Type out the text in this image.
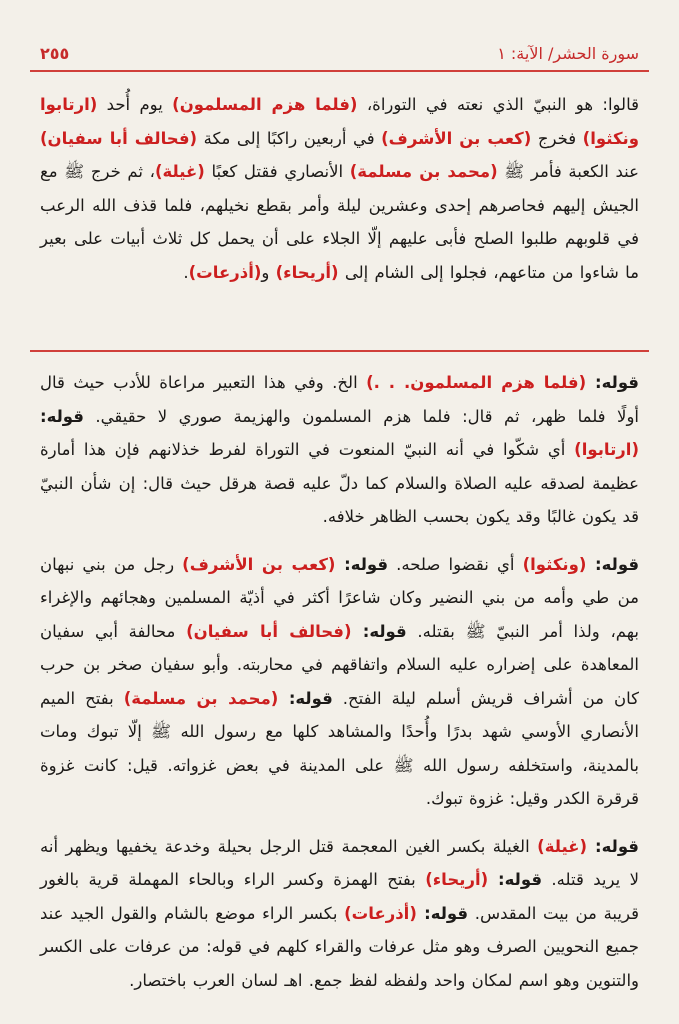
سورة الحشر/ الآية: ١
٢٥٥

قالوا: هو النبيّ الذي نعته في التوراة، (فلما هزم المسلمون) يوم أُحد (ارتابوا ونكثوا) فخرج (كعب بن الأشرف) في أربعين راكبًا إلى مكة (فحالف أبا سفيان) عند الكعبة فأمر ﷺ (محمد بن مسلمة) الأنصاري فقتل كعبًا (غيلة)، ثم خرج ﷺ مع الجيش إليهم فحاصرهم إحدى وعشرين ليلة وأمر بقطع نخيلهم، فلما قذف الله الرعب في قلوبهم طلبوا الصلح فأبى عليهم إلّا الجلاء على أن يحمل كل ثلاث أبيات على بعير ما شاءوا من متاعهم، فجلوا إلى الشام إلى (أريحاء) و(أذرعات).

قوله: (فلما هزم المسلمون. . .) الخ. وفي هذا التعبير مراعاة للأدب حيث قال أولًا فلما ظهر، ثم قال: فلما هزم المسلمون والهزيمة صوري لا حقيقي. قوله: (ارتابوا) أي شكّوا في أنه النبيّ المنعوت في التوراة لفرط خذلانهم فإن هذا أمارة عظيمة لصدقه عليه الصلاة والسلام كما دلّ عليه قصة هرقل حيث قال: إن شأن النبيّ قد يكون غالبًا وقد يكون بحسب الظاهر خلافه.

قوله: (ونكثوا) أي نقضوا صلحه. قوله: (كعب بن الأشرف) رجل من بني نبهان من طي وأمه من بني النضير وكان شاعرًا أكثر في أذيّة المسلمين وهجائهم والإغراء بهم، ولذا أمر النبيّ ﷺ بقتله. قوله: (فحالف أبا سفيان) محالفة أبي سفيان المعاهدة على إضراره عليه السلام واتفاقهم في محاربته. وأبو سفيان صخر بن حرب كان من أشراف قريش أسلم ليلة الفتح. قوله: (محمد بن مسلمة) بفتح الميم الأنصاري الأوسي شهد بدرًا وأُحدًا والمشاهد كلها مع رسول الله ﷺ إلّا تبوك ومات بالمدينة، واستخلفه رسول الله ﷺ على المدينة في بعض غزواته. قيل: كانت غزوة قرقرة الكدر وقيل: غزوة تبوك.

قوله: (غيلة) الغيلة بكسر الغين المعجمة قتل الرجل بحيلة وخدعة يخفيها ويظهر أنه لا يريد قتله. قوله: (أريحاء) بفتح الهمزة وكسر الراء وبالحاء المهملة قرية بالغور قريبة من بيت المقدس. قوله: (أذرعات) بكسر الراء موضع بالشام والقول الجيد عند جميع النحويين الصرف وهو مثل عرفات والقراء كلهم في قوله: من عرفات على الكسر والتنوين وهو اسم لمكان واحد ولفظه لفظ جمع. اهـ لسان العرب باختصار.
